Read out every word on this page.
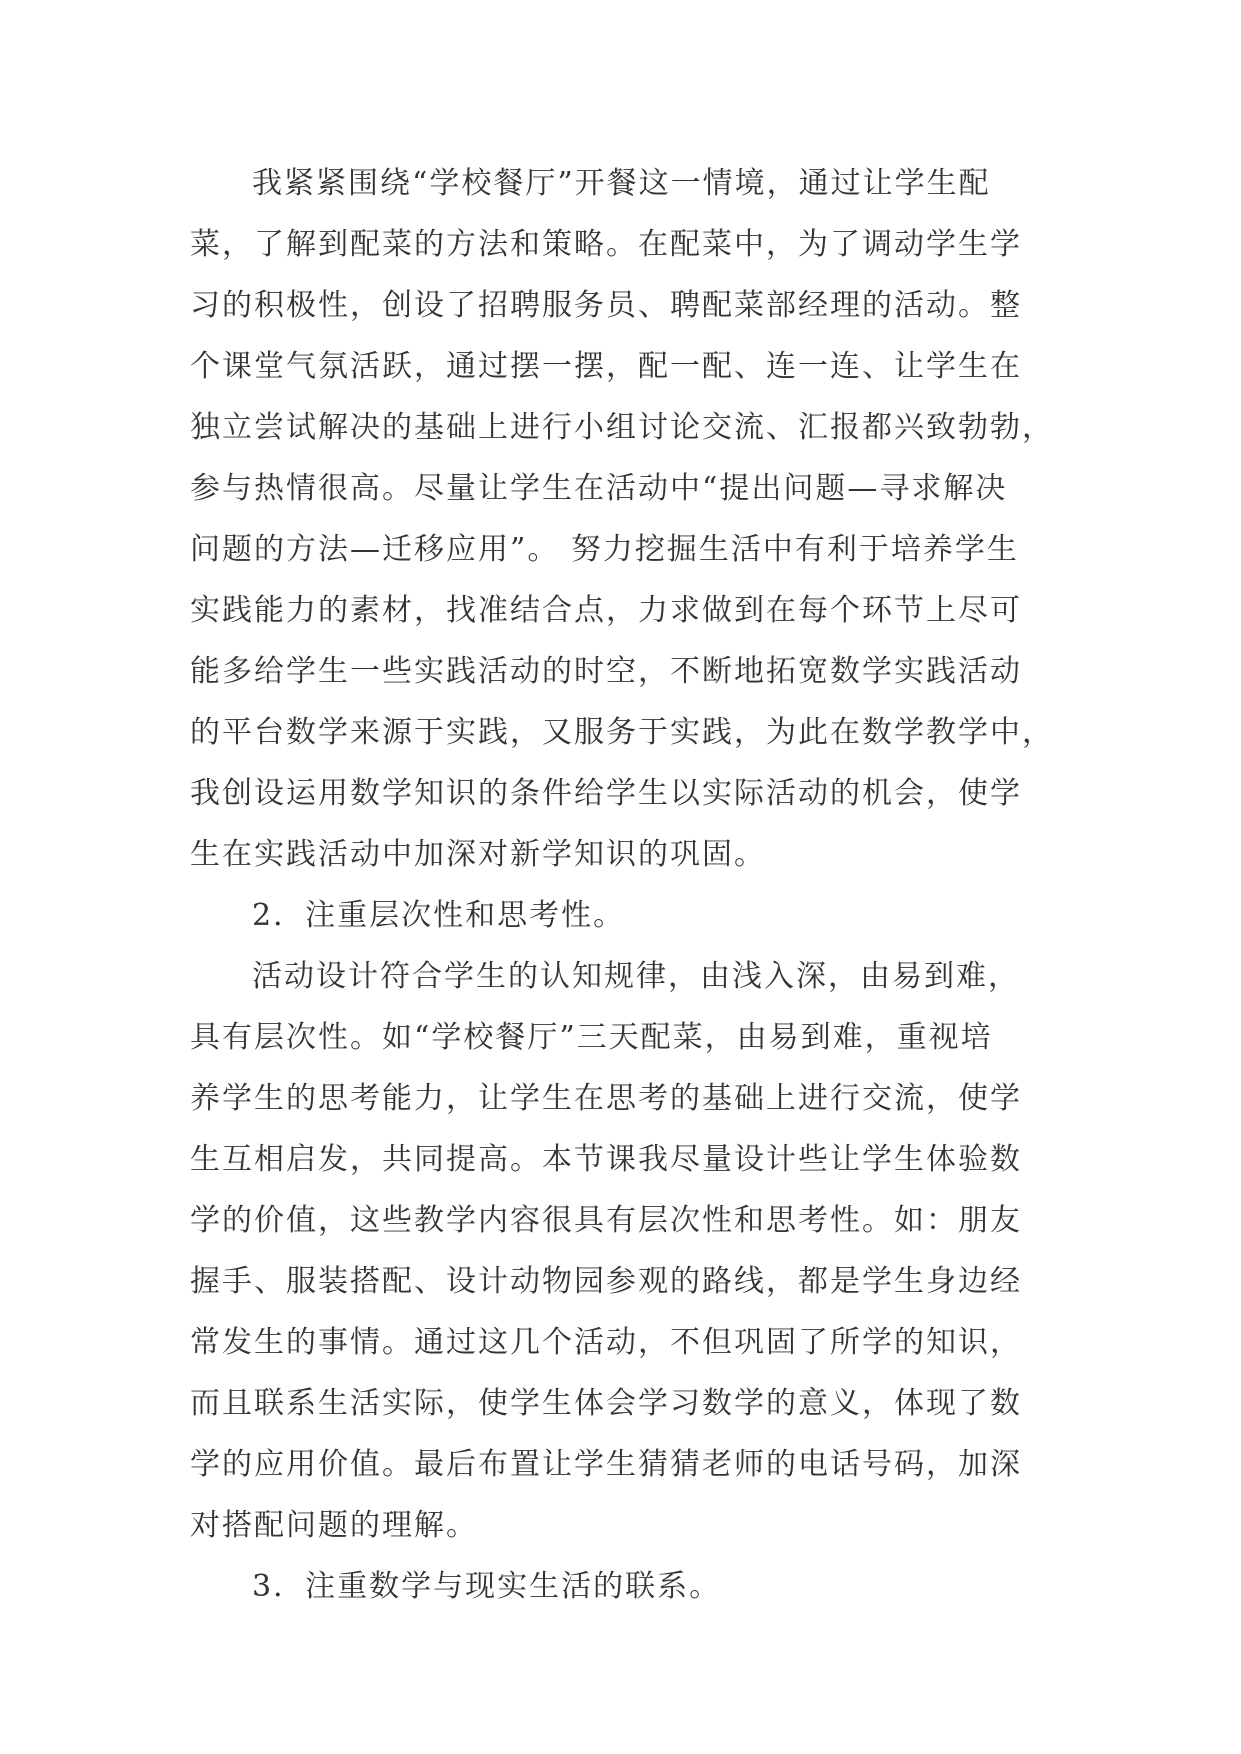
我紧紧围绕“学校餐厅”开餐这一情境，通过让学生配
菜，了解到配菜的方法和策略。在配菜中，为了调动学生学
习的积极性，创设了招聘服务员、聘配菜部经理的活动。整
个课堂气氛活跃，通过摆一摆，配一配、连一连、让学生在
独立尝试解决的基础上进行小组讨论交流、汇报都兴致勃勃，
参与热情很高。尽量让学生在活动中“提出问题—寻求解决
问题的方法—迁移应用”。 努力挖掘生活中有利于培养学生
实践能力的素材，找准结合点，力求做到在每个环节上尽可
能多给学生一些实践活动的时空，不断地拓宽数学实践活动
的平台数学来源于实践，又服务于实践，为此在数学教学中，
我创设运用数学知识的条件给学生以实际活动的机会，使学
生在实践活动中加深对新学知识的巩固。
2．注重层次性和思考性。
活动设计符合学生的认知规律，由浅入深，由易到难，
具有层次性。如“学校餐厅”三天配菜，由易到难，重视培
养学生的思考能力，让学生在思考的基础上进行交流，使学
生互相启发，共同提高。本节课我尽量设计些让学生体验数
学的价值，这些教学内容很具有层次性和思考性。如：朋友
握手、服装搭配、设计动物园参观的路线，都是学生身边经
常发生的事情。通过这几个活动，不但巩固了所学的知识，
而且联系生活实际，使学生体会学习数学的意义，体现了数
学的应用价值。最后布置让学生猜猜老师的电话号码，加深
对搭配问题的理解。
3．注重数学与现实生活的联系。
